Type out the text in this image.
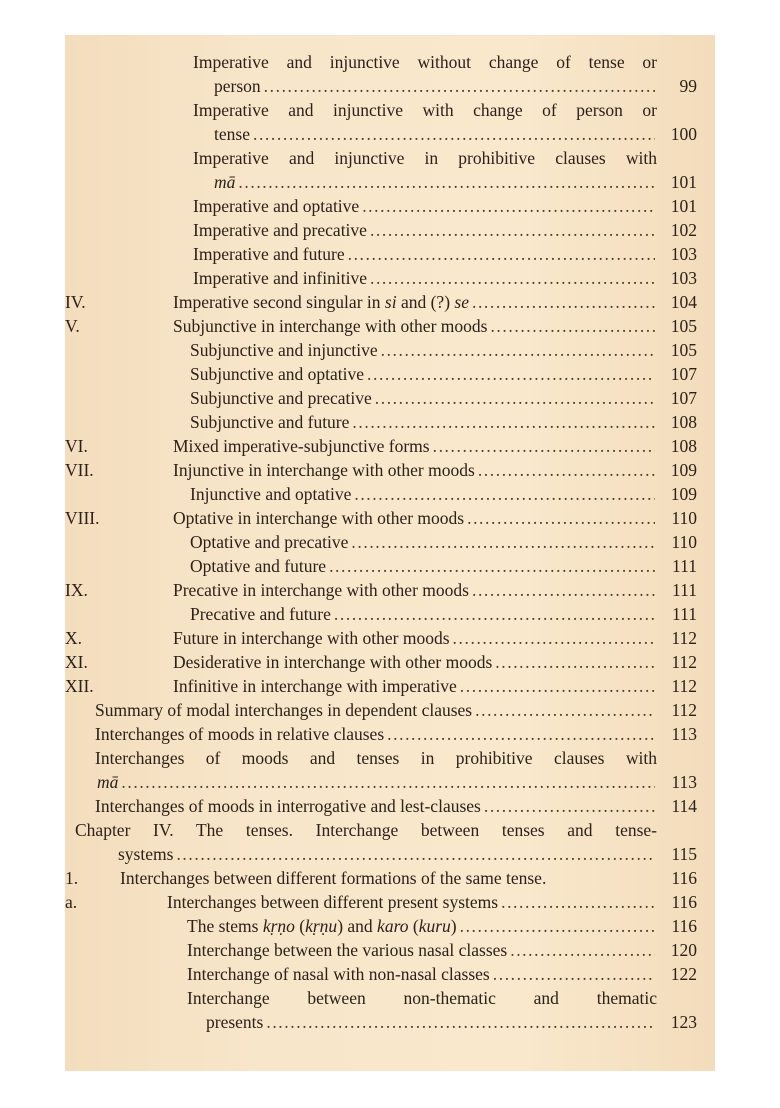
Imperative and injunctive without change of tense or
person .....	99
Imperative and injunctive with change of person or
tense .....	100
Imperative and injunctive in prohibitive clauses with
mā .....	101
Imperative and optative .....	101
Imperative and precative .....	102
Imperative and future .....	103
Imperative and infinitive .....	103
IV.	Imperative second singular in si and (?) se .....	104
V.	Subjunctive in interchange with other moods .....	105
Subjunctive and injunctive .....	105
Subjunctive and optative .....	107
Subjunctive and precative .....	107
Subjunctive and future .....	108
VI.	Mixed imperative-subjunctive forms .....	108
VII.	Injunctive in interchange with other moods .....	109
Injunctive and optative .....	109
VIII.	Optative in interchange with other moods .....	110
Optative and precative .....	110
Optative and future .....	111
IX.	Precative in interchange with other moods .....	111
Precative and future .....	111
X.	Future in interchange with other moods .....	112
XI.	Desiderative in interchange with other moods .....	112
XII.	Infinitive in interchange with imperative .....	112
Summary of modal interchanges in dependent clauses .....	112
Interchanges of moods in relative clauses .....	113
Interchanges of moods and tenses in prohibitive clauses with
mā .....	113
Interchanges of moods in interrogative and lest-clauses .....	114
Chapter IV. The tenses. Interchange between tenses and tense-
systems .....	115
1.	Interchanges between different formations of the same tense.	116
a.	Interchanges between different present systems .....	116
The stems kṛṇo (kṛṇu) and karo (kuru) .....	116
Interchange between the various nasal classes .....	120
Interchange of nasal with non-nasal classes .....	122
Interchange between non-thematic and thematic
presents .....	123
